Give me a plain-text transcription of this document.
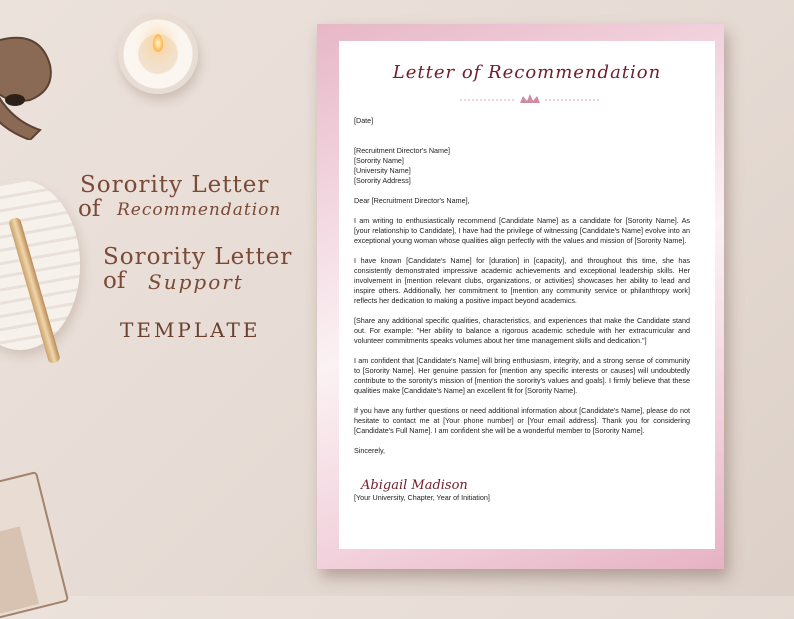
Sorority Letter
of Recommendation
Sorority Letter
of Support
TEMPLATE
Letter of Recommendation

[Date]

[Recruitment Director's Name]

[Sorority Name]

[University Name]

[Sorority Address]

Dear [Recruitment Director's Name],

I am writing to enthusiastically recommend [Candidate Name] as a candidate for [Sorority Name]. As [your relationship to Candidate], I have had the privilege of witnessing [Candidate's Name] evolve into an exceptional young woman whose qualities align perfectly with the values and mission of [Sorority Name].

I have known [Candidate's Name] for [duration] in [capacity], and throughout this time, she has consistently demonstrated impressive academic achievements and exceptional leadership skills. Her involvement in [mention relevant clubs, organizations, or activities] showcases her ability to lead and inspire others. Additionally, her commitment to [mention any community service or philanthropy work] reflects her dedication to making a positive impact beyond academics.

[Share any additional specific qualities, characteristics, and experiences that make the Candidate stand out. For example: "Her ability to balance a rigorous academic schedule with her extracurricular and volunteer commitments speaks volumes about her time management skills and dedication."]

I am confident that [Candidate's Name] will bring enthusiasm, integrity, and a strong sense of community to [Sorority Name]. Her genuine passion for [mention any specific interests or causes] will undoubtedly contribute to the sorority's mission of [mention the sorority's values and goals]. I firmly believe that these qualities make [Candidate's Name] an excellent fit for [Sorority Name].

If you have any further questions or need additional information about [Candidate's Name], please do not hesitate to contact me at [Your phone number] or [Your email address]. Thank you for considering [Candidate's Full Name]. I am confident she will be a wonderful member to [Sorority Name].

Sincerely,

Abigail Madison
[Your University, Chapter, Year of Initiation]
